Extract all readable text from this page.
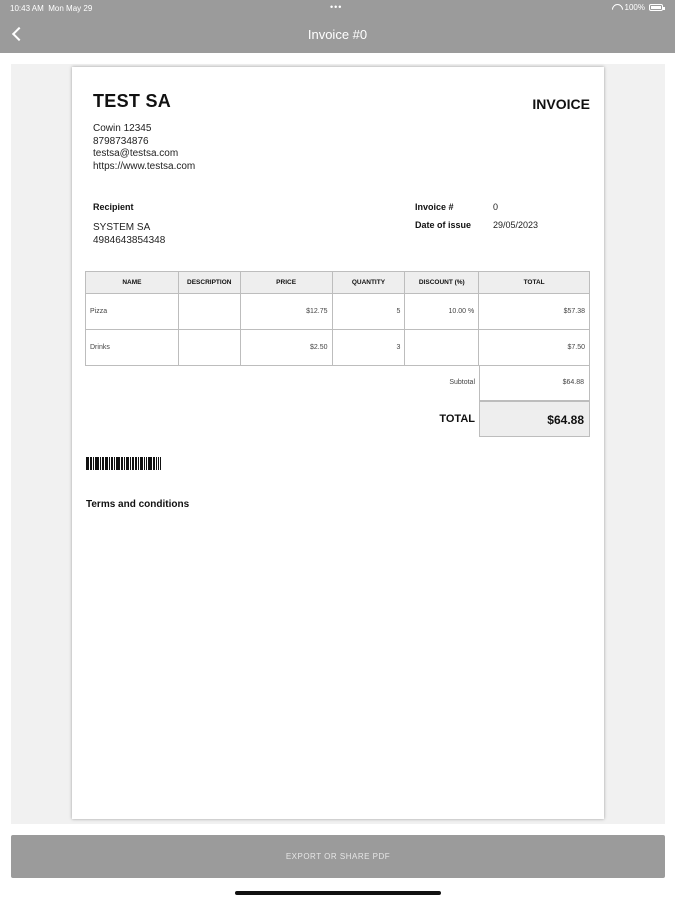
10:43 AM Mon May 29	•••	100%
Invoice #0
TEST SA	INVOICE
Cowin 12345
8798734876
testsa@testsa.com
https://www.testsa.com
Recipient
SYSTEM SA
4984643854348
Invoice #	0
Date of issue	29/05/2023
NAME	DESCRIPTION	PRICE	QUANTITY	DISCOUNT (%)	TOTAL
Pizza		$12.75	5	10.00 %	$57.38
Drinks		$2.50	3		$7.50
Subtotal	$64.88
TOTAL	$64.88
Terms and conditions
EXPORT OR SHARE PDF
